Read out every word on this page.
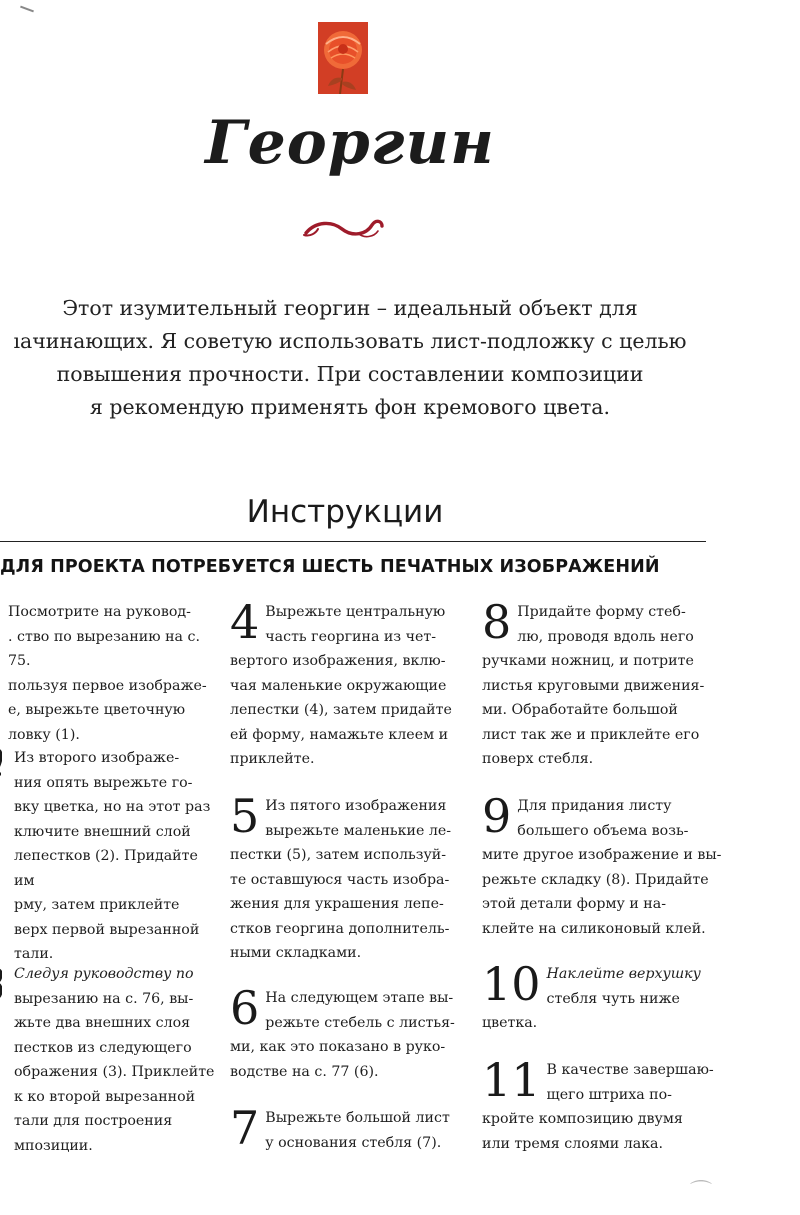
Георгин
Этот изумительный георгин – идеальный объект для
ıачинающих. Я советую использовать лист-подложку с целью
повышения прочности. При составлении композиции
я рекомендую применять фон кремового цвета.
Инструкции
ДЛЯ ПРОЕКТА ПОТРЕБУЕТСЯ ШЕСТЬ ПЕЧАТНЫХ ИЗОБРАЖЕНИЙ
Посмотрите на руковод-
. ство по вырезанию на с. 75.
пользуя первое изображе-
е, вырежьте цветочную
ловку (1).
Из второго изображе-
ния опять вырежьте го-
вку цветка, но на этот раз
ключите внешний слой
лепестков (2). Придайте им
рму, затем приклейте
верх первой вырезанной
тали.
Следуя руководству по
вырезанию на с. 76, вы-
жьте два внешних слоя
пестков из следующего
ображения (3). Приклейте
к ко второй вырезанной
тали для построения
мпозиции.
4 Вырежьте центральную
часть георгина из чет-
вертого изображения, вклю-
чая маленькие окружающие
лепестки (4), затем придайте
ей форму, намажьте клеем и
приклейте.
5 Из пятого изображения
вырежьте маленькие ле-
пестки (5), затем используй-
те оставшуюся часть изобра-
жения для украшения лепе-
стков георгина дополнитель-
ными складками.
6 На следующем этапе вы-
режьте стебель с листья-
ми, как это показано в руко-
водстве на с. 77 (6).
7 Вырежьте большой лист
у основания стебля (7).
8 Придайте форму стеб-
лю, проводя вдоль него
ручками ножниц, и потрите
листья круговыми движения-
ми. Обработайте большой
лист так же и приклейте его
поверх стебля.
9 Для придания листу
большего объема возь-
мите другое изображение и вы-
режьте складку (8). Придайте
этой детали форму и на-
клейте на силиконовый клей.
10 Наклейте верхушку
стебля чуть ниже
цветка.
11 В качестве завершаю-
щего штриха по-
кройте композицию двумя
или тремя слоями лака.
⌒
